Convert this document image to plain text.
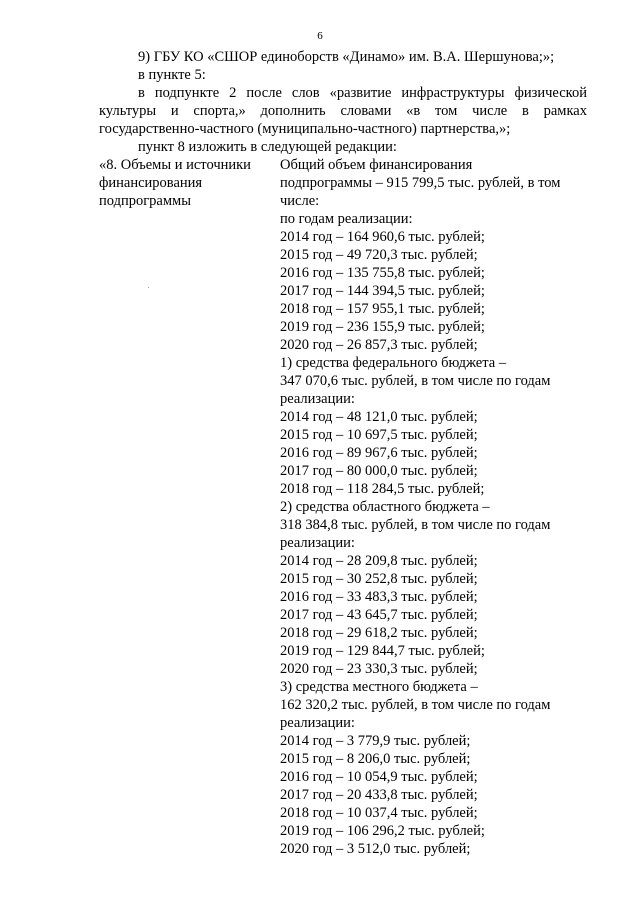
6

9) ГБУ КО «СШОР единоборств «Динамо» им. В.А. Шершунова;»;

в пункте 5:

в подпункте 2 после слов «развитие инфраструктуры физической культуры и спорта,» дополнить словами «в том числе в рамках государственно-частного (муниципально-частного) партнерства,»;

пункт 8 изложить в следующей редакции:

«8. Объемы и источники
финансирования
подпрограммы
Общий объем финансирования
подпрограммы – 915 799,5 тыс. рублей, в том
числе:
по годам реализации:
2014 год – 164 960,6 тыс. рублей;
2015 год – 49 720,3 тыс. рублей;
2016 год – 135 755,8 тыс. рублей;
2017 год – 144 394,5 тыс. рублей;
2018 год – 157 955,1 тыс. рублей;
2019 год – 236 155,9 тыс. рублей;
2020 год – 26 857,3 тыс. рублей;
1) средства федерального бюджета –
347 070,6 тыс. рублей, в том числе по годам
реализации:
2014 год – 48 121,0 тыс. рублей;
2015 год – 10 697,5 тыс. рублей;
2016 год – 89 967,6 тыс. рублей;
2017 год – 80 000,0 тыс. рублей;
2018 год – 118 284,5 тыс. рублей;
2) средства областного бюджета –
318 384,8 тыс. рублей, в том числе по годам
реализации:
2014 год – 28 209,8 тыс. рублей;
2015 год – 30 252,8 тыс. рублей;
2016 год – 33 483,3 тыс. рублей;
2017 год – 43 645,7 тыс. рублей;
2018 год – 29 618,2 тыс. рублей;
2019 год – 129 844,7 тыс. рублей;
2020 год – 23 330,3 тыс. рублей;
3) средства местного бюджета –
162 320,2 тыс. рублей, в том числе по годам
реализации:
2014 год – 3 779,9 тыс. рублей;
2015 год – 8 206,0 тыс. рублей;
2016 год – 10 054,9 тыс. рублей;
2017 год – 20 433,8 тыс. рублей;
2018 год – 10 037,4 тыс. рублей;
2019 год – 106 296,2 тыс. рублей;
2020 год – 3 512,0 тыс. рублей;
